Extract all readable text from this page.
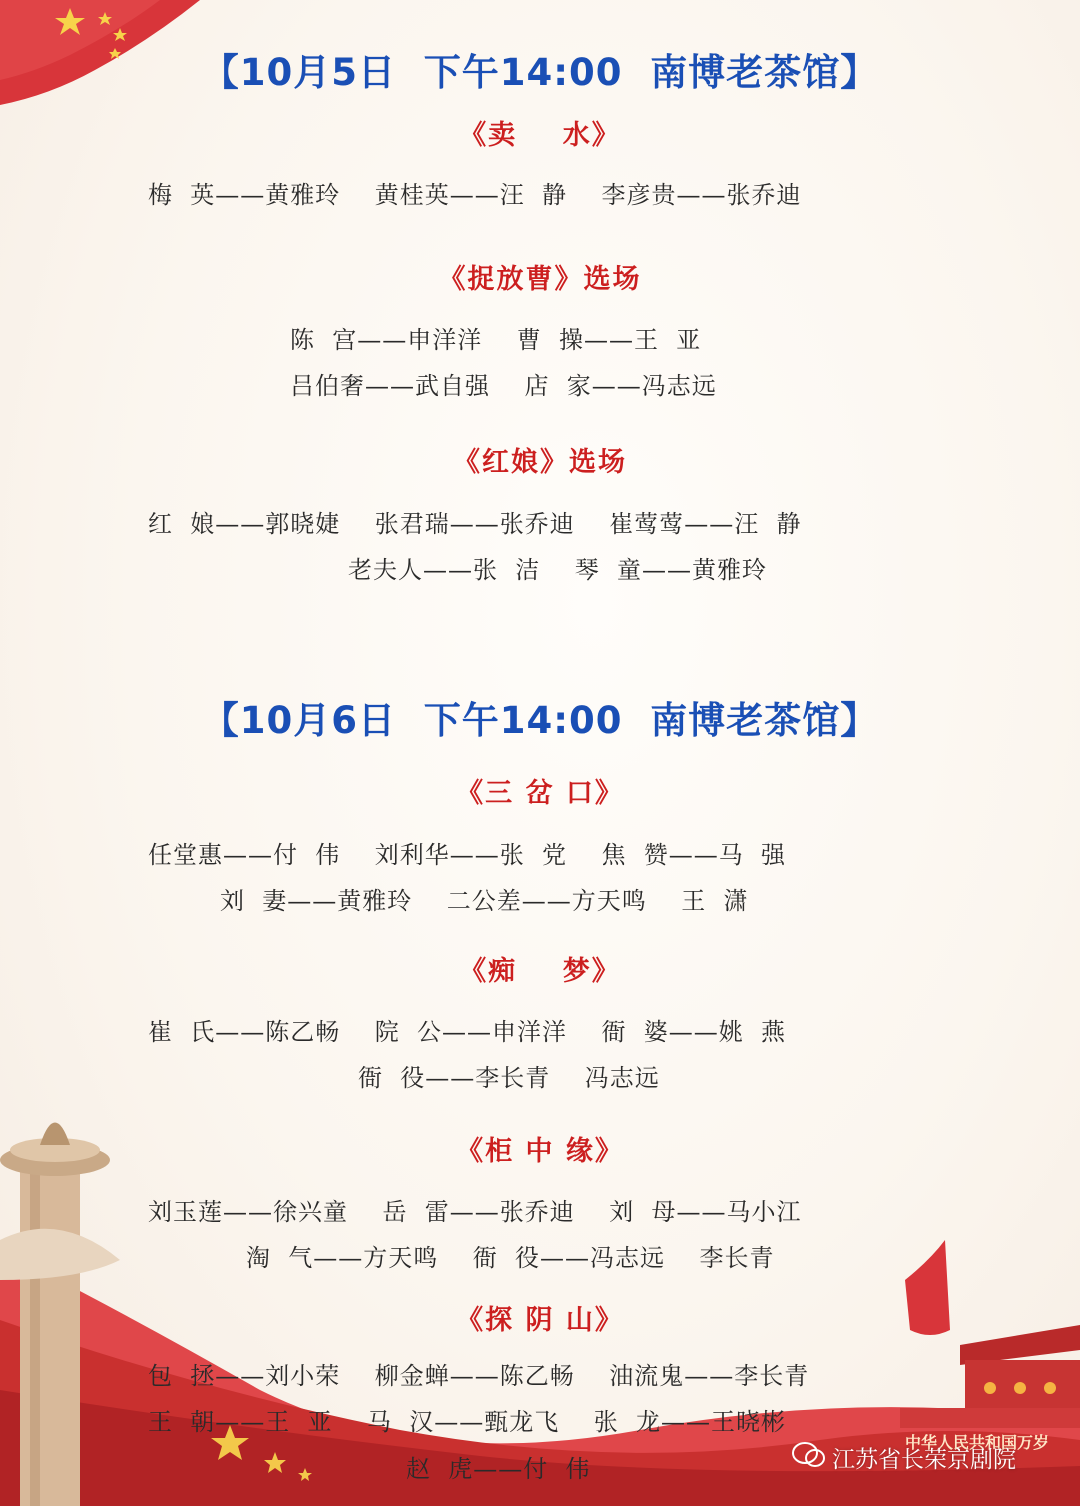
【10月5日  下午14:00  南博老茶馆】
《卖    水》
梅  英——黄雅玲    黄桂英——汪  静    李彦贵——张乔迪
《捉放曹》选场
陈  宫——申洋洋    曹  操——王  亚
吕伯奢——武自强    店  家——冯志远
《红娘》选场
红  娘——郭晓婕    张君瑞——张乔迪    崔莺莺——汪  静
老夫人——张  洁    琴  童——黄雅玲
【10月6日  下午14:00  南博老茶馆】
《三 岔 口》
任堂惠——付  伟    刘利华——张  党    焦  赞——马  强
刘  妻——黄雅玲    二公差——方天鸣    王  潇
《痴    梦》
崔  氏——陈乙畅    院  公——申洋洋    衙  婆——姚  燕
衙  役——李长青    冯志远
《柜 中 缘》
刘玉莲——徐兴童    岳  雷——张乔迪    刘  母——马小江
淘  气——方天鸣    衙  役——冯志远    李长青
《探 阴 山》
包  拯——刘小荣    柳金蝉——陈乙畅    油流鬼——李长青
王  朝——王  亚    马  汉——甄龙飞    张  龙——王晓彬
赵  虎——付  伟
中华人民共和国万岁
江苏省长荣京剧院
